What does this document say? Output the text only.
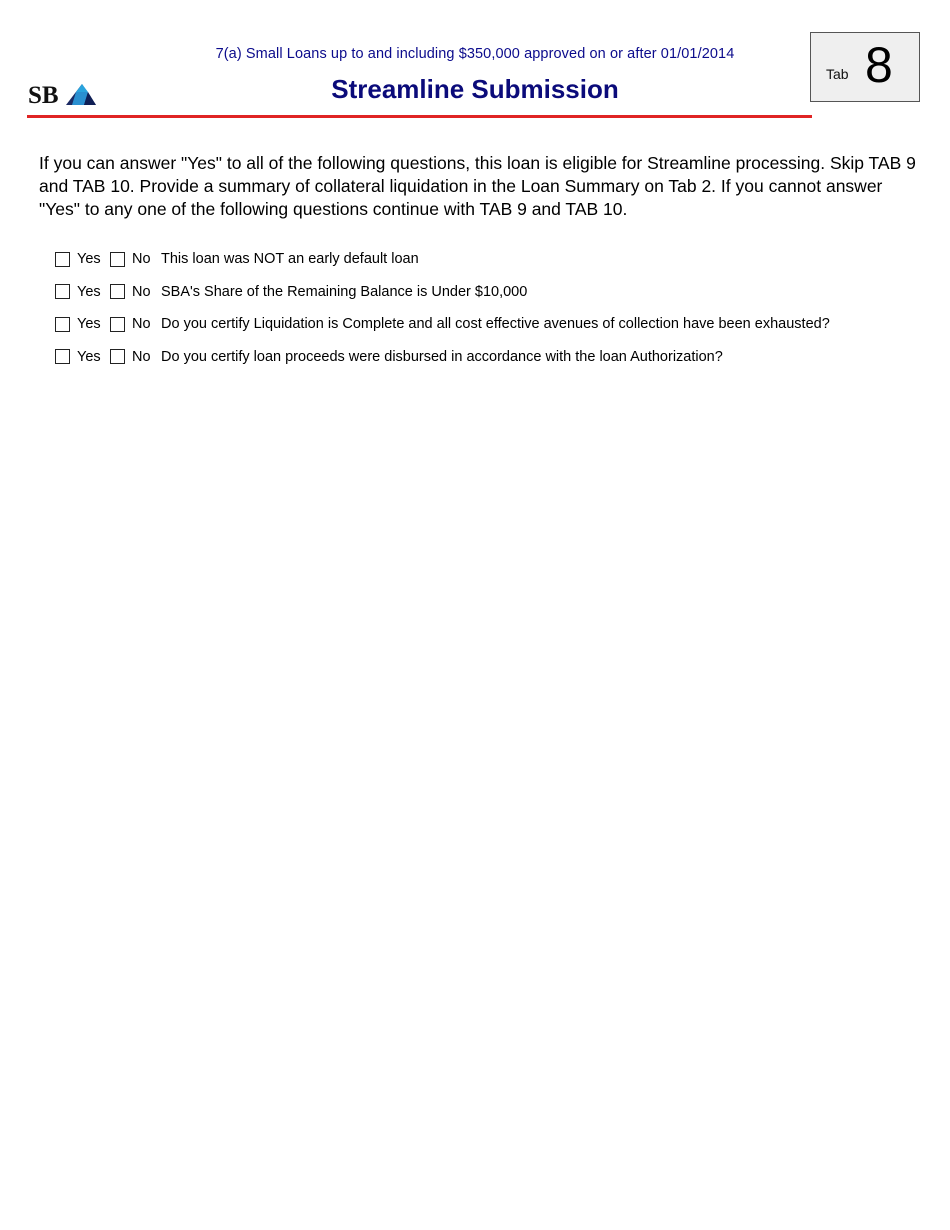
SB
7(a) Small Loans up to and including $350,000 approved on or after 01/01/2014
Streamline Submission	Tab 8

If you can answer "Yes" to all of the following questions, this loan is eligible for Streamline processing. Skip TAB 9 and TAB 10. Provide a summary of collateral liquidation in the Loan Summary on Tab 2. If you cannot answer "Yes" to any one of the following questions continue with TAB 9 and TAB 10.

Yes	No This loan was NOT an early default loan
Yes	No SBA's Share of the Remaining Balance is Under $10,000
Yes	No Do you certify Liquidation is Complete and all cost effective avenues of collection have been exhausted?
Yes	No Do you certify loan proceeds were disbursed in accordance with the loan Authorization?
